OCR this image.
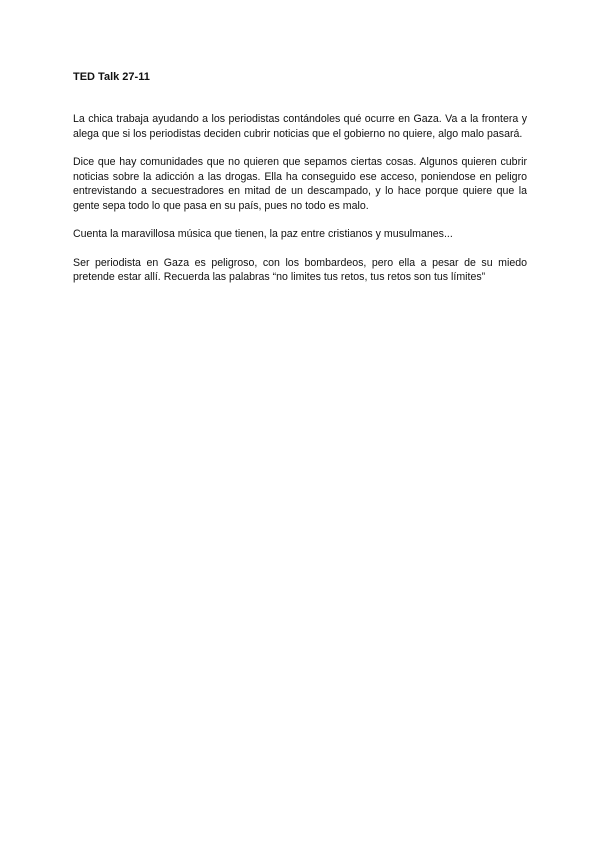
TED Talk 27-11

La chica trabaja ayudando a los periodistas contándoles qué ocurre en Gaza. Va a la frontera y alega que si los periodistas deciden cubrir noticias que el gobierno no quiere, algo malo pasará.

Dice que hay comunidades que no quieren que sepamos ciertas cosas. Algunos quieren cubrir noticias sobre la adicción a las drogas. Ella ha conseguido ese acceso, poniendose en peligro entrevistando a secuestradores en mitad de un descampado, y lo hace porque quiere que la gente sepa todo lo que pasa en su país, pues no todo es malo.

Cuenta la maravillosa música que tienen, la paz entre cristianos y musulmanes...

Ser periodista en Gaza es peligroso, con los bombardeos, pero ella a pesar de su miedo pretende estar allí. Recuerda las palabras “no limites tus retos, tus retos son tus límites”
